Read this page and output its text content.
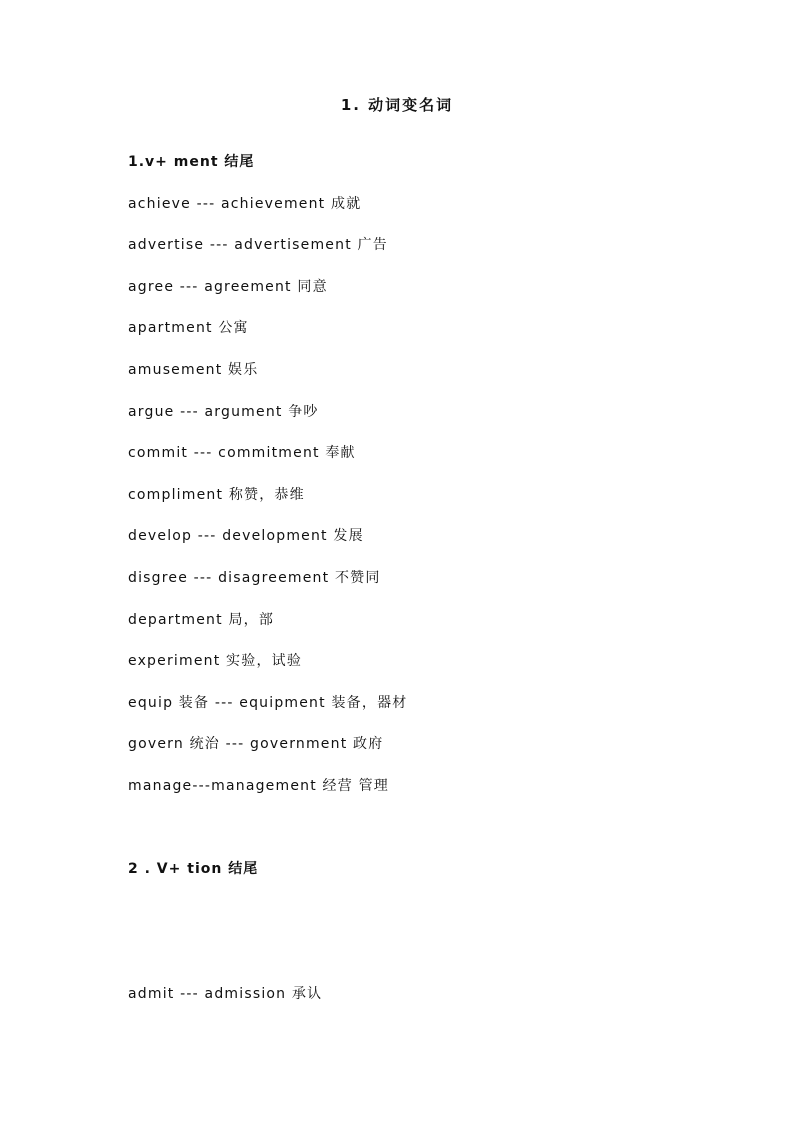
1. 动词变名词
1.v+ ment 结尾
achieve --- achievement 成就
advertise --- advertisement 广告
agree --- agreement 同意
apartment 公寓
amusement 娱乐
argue --- argument 争吵
commit --- commitment 奉献
compliment 称赞，恭维
develop --- development 发展
disgree --- disagreement 不赞同
department 局，部
experiment 实验，试验
equip 装备 --- equipment 装备，器材
govern 统治 --- government 政府
manage---management 经营 管理
2 . V+ tion 结尾
admit --- admission 承认
